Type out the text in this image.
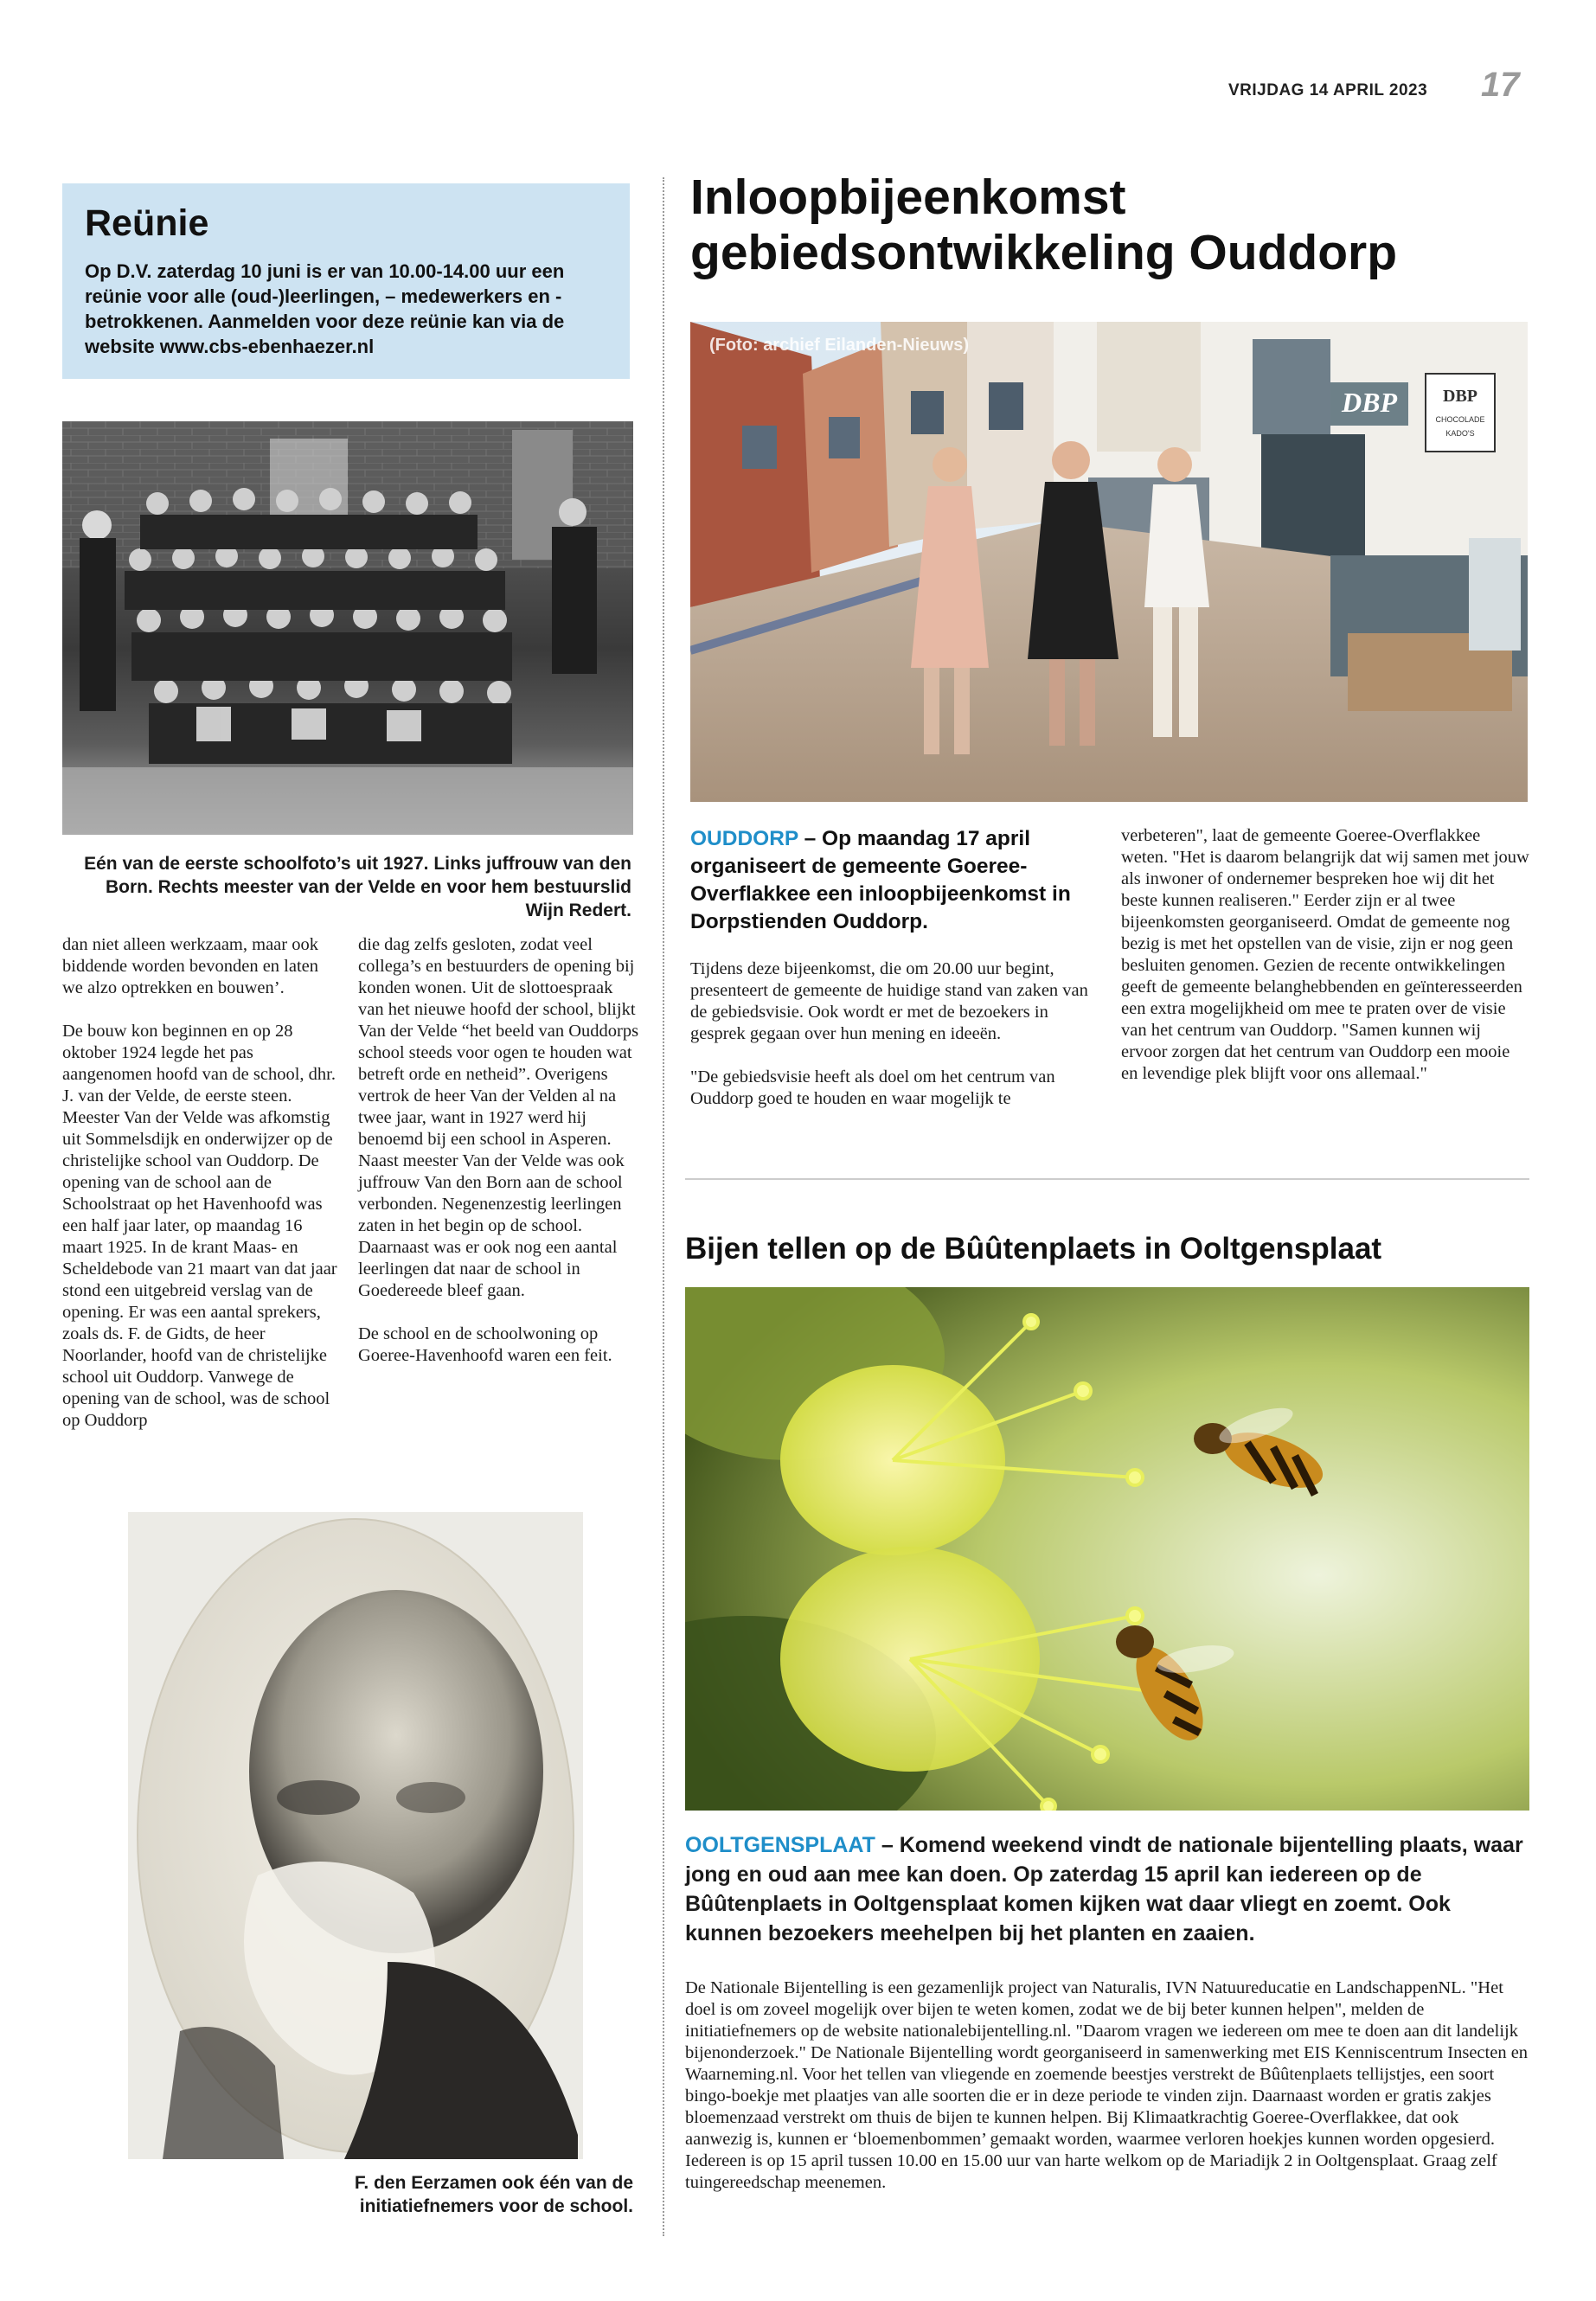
VRIJDAG 14 APRIL 2023 17
Reünie
Op D.V. zaterdag 10 juni is er van 10.00-14.00 uur een reünie voor alle (oud-)leerlingen, – medewerkers en -betrokkenen. Aanmelden voor deze reünie kan via de website www.cbs-ebenhaezer.nl
Eén van de eerste schoolfoto’s uit 1927. Links juffrouw van den Born. Rechts meester van der Velde en voor hem bestuurslid Wijn Redert.

dan niet alleen werkzaam, maar ook biddende worden bevonden en laten we alzo optrekken en bouwen’.

De bouw kon beginnen en op 28 oktober 1924 legde het pas aangenomen hoofd van de school, dhr. J. van der Velde, de eerste steen. Meester Van der Velde was afkomstig uit Sommelsdijk en onderwijzer op de christelijke school van Ouddorp. De opening van de school aan de Schoolstraat op het Havenhoofd was een half jaar later, op maandag 16 maart 1925. In de krant Maas- en Scheldebode van 21 maart van dat jaar stond een uitgebreid verslag van de opening. Er was een aantal sprekers, zoals ds. F. de Gidts, de heer Noorlander, hoofd van de christelijke school uit Ouddorp. Vanwege de opening van de school, was de school op Ouddorp

die dag zelfs gesloten, zodat veel collega’s en bestuurders de opening bij konden wonen. Uit de slottoespraak van het nieuwe hoofd der school, blijkt Van der Velde “het beeld van Ouddorps school steeds voor ogen te houden wat betreft orde en netheid”. Overigens vertrok de heer Van der Velden al na twee jaar, want in 1927 werd hij benoemd bij een school in Asperen. Naast meester Van der Velde was ook juffrouw Van den Born aan de school verbonden. Negenenzestig leerlingen zaten in het begin op de school. Daarnaast was er ook nog een aantal leerlingen dat naar de school in Goedereede bleef gaan.

De school en de schoolwoning op Goeree-Havenhoofd waren een feit.

F. den Eerzamen ook één van de initiatiefnemers voor de school.
Inloopbijeenkomst gebiedsontwikkeling Ouddorp
DBP	DBP
CHOCOLADE
KADO'S
(Foto: archief Eilanden-Nieuws)
OUDDORP – Op maandag 17 april organiseert de gemeente Goeree-Overflakkee een inloopbijeenkomst in Dorpstienden Ouddorp.

Tijdens deze bijeenkomst, die om 20.00 uur begint, presenteert de gemeente de huidige stand van zaken van de gebiedsvisie. Ook wordt er met de bezoekers in gesprek gegaan over hun mening en ideeën.

"De gebiedsvisie heeft als doel om het centrum van Ouddorp goed te houden en waar mogelijk te

verbeteren", laat de gemeente Goeree-Overflakkee weten. "Het is daarom belangrijk dat wij samen met jouw als inwoner of ondernemer bespreken hoe wij dit het beste kunnen realiseren." Eerder zijn er al twee bijeenkomsten georganiseerd. Omdat de gemeente nog bezig is met het opstellen van de visie, zijn er nog geen besluiten genomen. Gezien de recente ontwikkelingen geeft de gemeente belanghebbenden en geïnteresseerden een extra mogelijkheid om mee te praten over de visie van het centrum van Ouddorp. "Samen kunnen wij ervoor zorgen dat het centrum van Ouddorp een mooie en levendige plek blijft voor ons allemaal."

Bijen tellen op de Bûûtenplaets in Ooltgensplaat
OOLTGENSPLAAT – Komend weekend vindt de nationale bijentelling plaats, waar jong en oud aan mee kan doen. Op zaterdag 15 april kan iedereen op de Bûûtenplaets in Ooltgensplaat komen kijken wat daar vliegt en zoemt. Ook kunnen bezoekers meehelpen bij het planten en zaaien.
De Nationale Bijentelling is een gezamenlijk project van Naturalis, IVN Natuureducatie en LandschappenNL. "Het doel is om zoveel mogelijk over bijen te weten komen, zodat we de bij beter kunnen helpen", melden de initiatiefnemers op de website nationalebijentelling.nl. "Daarom vragen we iedereen om mee te doen aan dit landelijk bijenonderzoek." De Nationale Bijentelling wordt georganiseerd in samenwerking met EIS Kenniscentrum Insecten en Waarneming.nl. Voor het tellen van vliegende en zoemende beestjes verstrekt de Bûûtenplaets tellijstjes, een soort bingo-boekje met plaatjes van alle soorten die er in deze periode te vinden zijn. Daarnaast worden er gratis zakjes bloemenzaad verstrekt om thuis de bijen te kunnen helpen. Bij Klimaatkrachtig Goeree-Overflakkee, dat ook aanwezig is, kunnen er ‘bloemenbommen’ gemaakt worden, waarmee verloren hoekjes kunnen worden opgesierd. Iedereen is op 15 april tussen 10.00 en 15.00 uur van harte welkom op de Mariadijk 2 in Ooltgensplaat. Graag zelf tuingereedschap meenemen.
